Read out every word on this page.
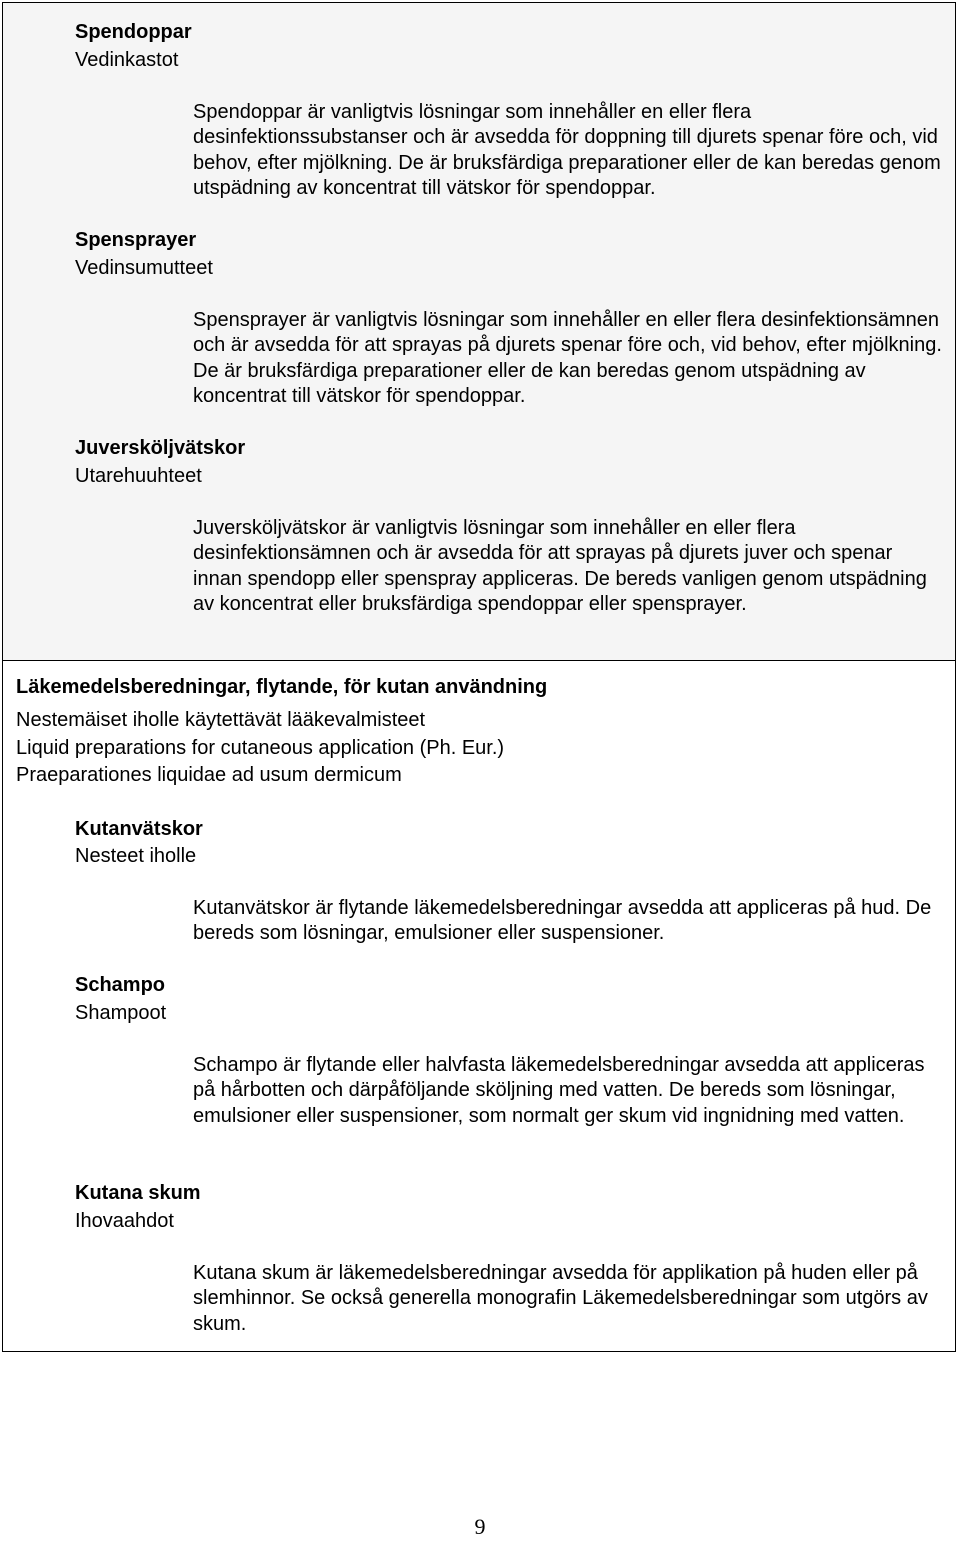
Spendoppar
Vedinkastot
Spendoppar är vanligtvis lösningar som innehåller en eller flera desinfektionssubstanser och är avsedda för doppning till djurets spenar före och, vid behov, efter mjölkning. De är bruksfärdiga preparationer eller de kan beredas genom utspädning av koncentrat till vätskor för spendoppar.
Spensprayer
Vedinsumutteet
Spensprayer är vanligtvis lösningar som innehåller en eller flera desinfektionsämnen och är avsedda för att sprayas på djurets spenar före och, vid behov, efter mjölkning. De är bruksfärdiga preparationer eller de kan beredas genom utspädning av koncentrat till vätskor för spendoppar.
Juversköljvätskor
Utarehuuhteet
Juversköljvätskor är vanligtvis lösningar som innehåller en eller flera desinfektionsämnen och är avsedda för att sprayas på djurets juver och spenar innan spendopp eller spenspray appliceras. De bereds vanligen genom utspädning av koncentrat eller bruksfärdiga spendoppar eller spensprayer.
Läkemedelsberedningar, flytande, för kutan användning
Nestemäiset iholle käytettävät lääkevalmisteet
Liquid preparations for cutaneous application (Ph. Eur.)
Praeparationes liquidae ad usum dermicum
Kutanvätskor
Nesteet iholle
Kutanvätskor är flytande läkemedelsberedningar avsedda att appliceras på hud. De bereds som lösningar, emulsioner eller suspensioner.
Schampo
Shampoot
Schampo är flytande eller halvfasta läkemedelsberedningar avsedda att appliceras på hårbotten och därpåföljande sköljning med vatten. De bereds som lösningar, emulsioner eller suspensioner, som normalt ger skum vid ingnidning med vatten.
Kutana skum
Ihovaahdot
Kutana skum är läkemedelsberedningar avsedda för applikation på huden eller på slemhinnor. Se också generella monografin Läkemedelsberedningar som utgörs av skum.
9
